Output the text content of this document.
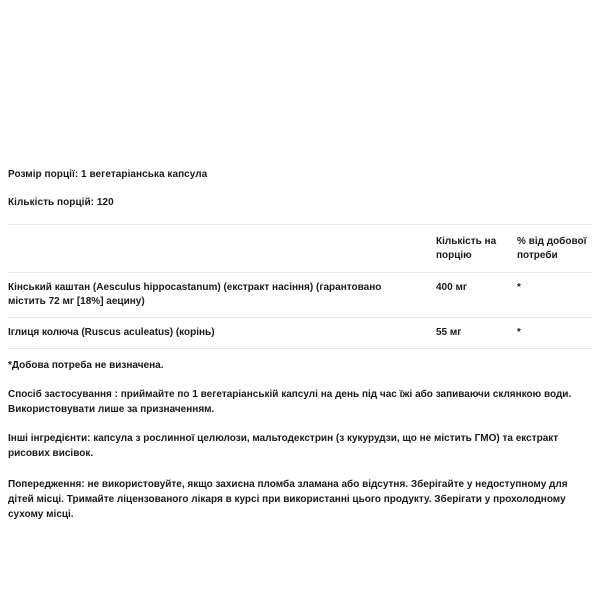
Розмір порції: 1 вегетаріанська капсула

Кількість порцій: 120

	Кількість на порцію	% від добової потреби
Кінський каштан (Aesculus hippocastanum) (екстракт насіння) (гарантовано містить 72 мг [18%] аецину)	400 мг	*
Іглиця колюча (Ruscus aculeatus) (корінь)	55 мг	*

*Добова потреба не визначена.

Спосіб застосування : приймайте по 1 вегетаріанській капсулі на день під час їжі або запиваючи склянкою води. Використовувати лише за призначенням.

Інші інгредієнти: капсула з рослинної целюлози, мальтодекстрин (з кукурудзи, що не містить ГМО) та екстракт рисових висівок.

Попередження: не використовуйте, якщо захисна пломба зламана або відсутня. Зберігайте у недоступному для дітей місці. Тримайте ліцензованого лікаря в курсі при використанні цього продукту. Зберігати у прохолодному сухому місці.
